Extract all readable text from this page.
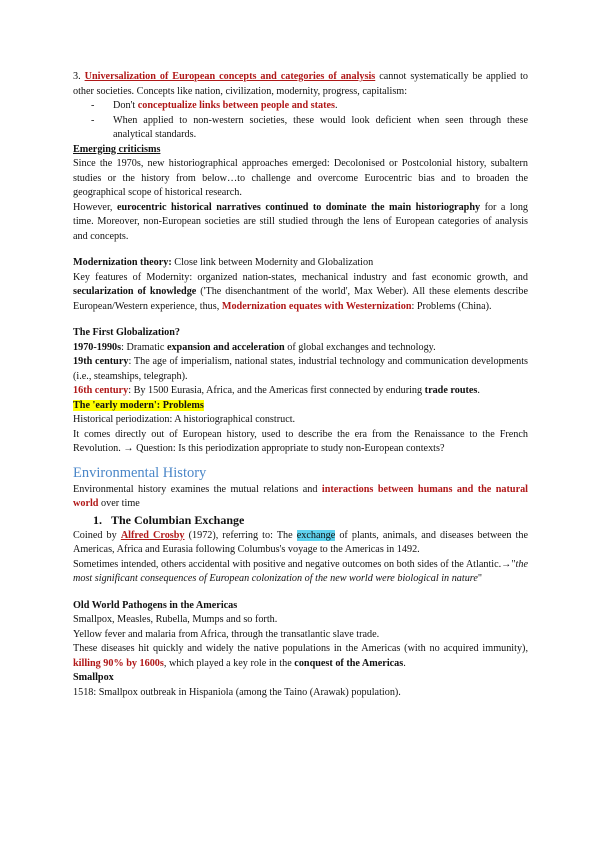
3. Universalization of European concepts and categories of analysis cannot systematically be applied to other societies. Concepts like nation, civilization, modernity, progress, capitalism:

- Don't conceptualize links between people and states.

- When applied to non-western societies, these would look deficient when seen through these analytical standards.

Emerging criticisms

Since the 1970s, new historiographical approaches emerged: Decolonised or Postcolonial history, subaltern studies or the history from below…to challenge and overcome Eurocentric bias and to broaden the geographical scope of historical research.

However, eurocentric historical narratives continued to dominate the main historiography for a long time. Moreover, non-European societies are still studied through the lens of European categories of analysis and concepts.

Modernization theory: Close link between Modernity and Globalization

Key features of Modernity: organized nation-states, mechanical industry and fast economic growth, and secularization of knowledge ('The disenchantment of the world', Max Weber). All these elements describe European/Western experience, thus, Modernization equates with Westernization: Problems (China).

The First Globalization?

1970-1990s: Dramatic expansion and acceleration of global exchanges and technology.

19th century: The age of imperialism, national states, industrial technology and communication developments (i.e., steamships, telegraph).

16th century: By 1500 Eurasia, Africa, and the Americas first connected by enduring trade routes.

The 'early modern': Problems

Historical periodization: A historiographical construct.

It comes directly out of European history, used to describe the era from the Renaissance to the French Revolution. → Question: Is this periodization appropriate to study non-European contexts?

Environmental History

Environmental history examines the mutual relations and interactions between humans and the natural world over time

1. The Columbian Exchange

Coined by Alfred Crosby (1972), referring to: The exchange of plants, animals, and diseases between the Americas, Africa and Eurasia following Columbus's voyage to the Americas in 1492.

Sometimes intended, others accidental with positive and negative outcomes on both sides of the Atlantic.→"the most significant consequences of European colonization of the new world were biological in nature"

Old World Pathogens in the Americas

Smallpox, Measles, Rubella, Mumps and so forth.

Yellow fever and malaria from Africa, through the transatlantic slave trade.

These diseases hit quickly and widely the native populations in the Americas (with no acquired immunity), killing 90% by 1600s, which played a key role in the conquest of the Americas.

Smallpox

1518: Smallpox outbreak in Hispaniola (among the Taino (Arawak) population).
